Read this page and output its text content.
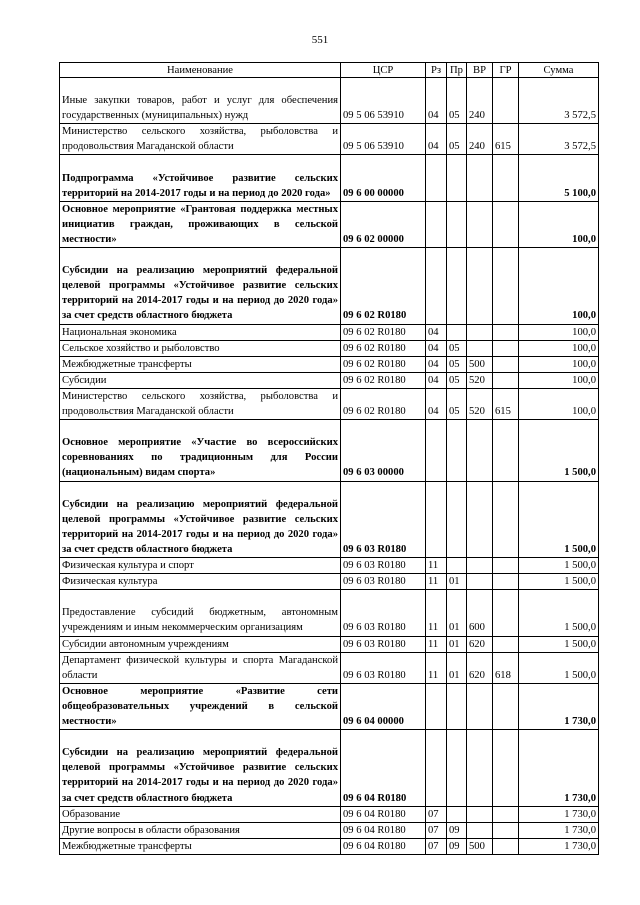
551
Наименование	ЦСР	Рз	Пр	ВР	ГР	Сумма
Иные закупки товаров, работ и услуг для обеспечения государственных (муниципальных) нужд	09 5 06 53910	04	05	240		3 572,5
Министерство сельского хозяйства, рыболовства и продовольствия Магаданской области	09 5 06 53910	04	05	240	615	3 572,5
Подпрограмма «Устойчивое развитие сельских территорий на 2014-2017 годы и на период до 2020 года»	09 6 00 00000					5 100,0
Основное мероприятие «Грантовая поддержка местных инициатив граждан, проживающих в сельской местности»	09 6 02 00000					100,0
Субсидии на реализацию мероприятий федеральной целевой программы «Устойчивое развитие сельских территорий на 2014-2017 годы и на период до 2020 года» за счет средств областного бюджета	09 6 02 R0180					100,0
Национальная экономика	09 6 02 R0180	04				100,0
Сельское хозяйство и рыболовство	09 6 02 R0180	04	05			100,0
Межбюджетные трансферты	09 6 02 R0180	04	05	500		100,0
Субсидии	09 6 02 R0180	04	05	520		100,0
Министерство сельского хозяйства, рыболовства и продовольствия Магаданской области	09 6 02 R0180	04	05	520	615	100,0
Основное мероприятие «Участие во всероссийских соревнованиях по традиционным для России (национальным) видам спорта»	09 6 03 00000					1 500,0
Субсидии на реализацию мероприятий федеральной целевой программы «Устойчивое развитие сельских территорий на 2014-2017 годы и на период до 2020 года» за счет средств областного бюджета	09 6 03 R0180					1 500,0
Физическая культура и спорт	09 6 03 R0180	11				1 500,0
Физическая культура	09 6 03 R0180	11	01			1 500,0
Предоставление субсидий бюджетным, автономным учреждениям и иным некоммерческим организациям	09 6 03 R0180	11	01	600		1 500,0
Субсидии автономным учреждениям	09 6 03 R0180	11	01	620		1 500,0
Департамент физической культуры и спорта Магаданской области	09 6 03 R0180	11	01	620	618	1 500,0
Основное мероприятие «Развитие сети общеобразовательных учреждений в сельской местности»	09 6 04 00000					1 730,0
Субсидии на реализацию мероприятий федеральной целевой программы «Устойчивое развитие сельских территорий на 2014-2017 годы и на период до 2020 года» за счет средств областного бюджета	09 6 04 R0180					1 730,0
Образование	09 6 04 R0180	07				1 730,0
Другие вопросы в области образования	09 6 04 R0180	07	09			1 730,0
Межбюджетные трансферты	09 6 04 R0180	07	09	500		1 730,0
